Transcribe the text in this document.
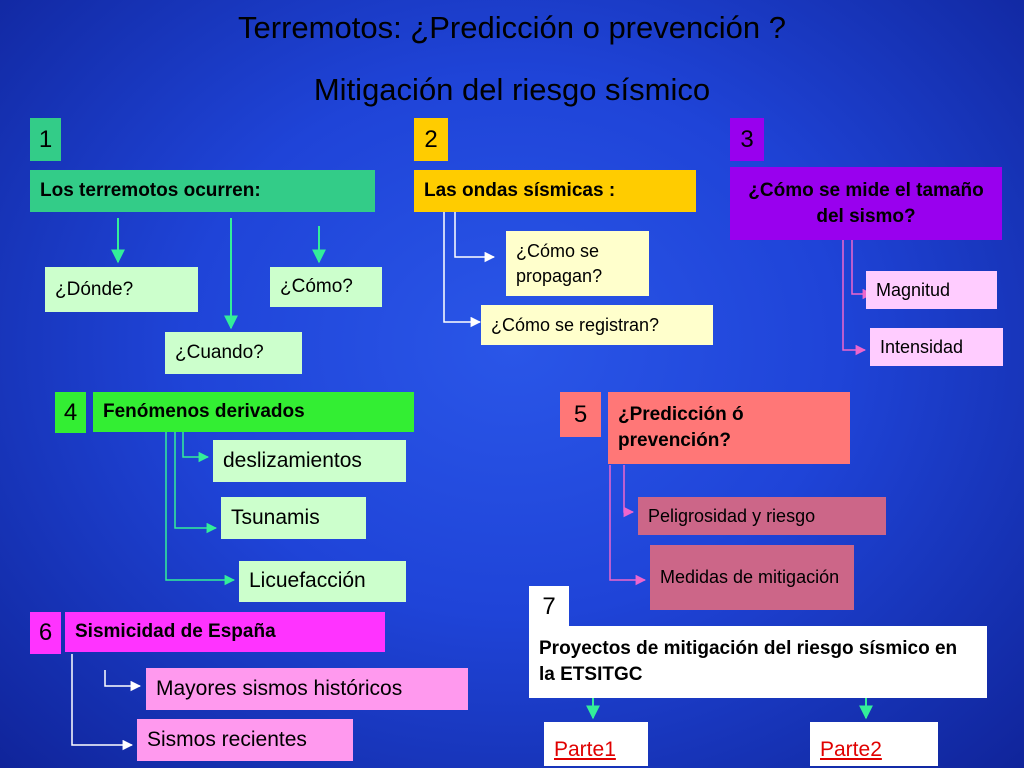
Terremotos: ¿Predicción o prevención ?
Mitigación del riesgo sísmico
1
Los terremotos ocurren:
¿Dónde?
¿Cuando?
¿Cómo?
2
Las ondas sísmicas :
¿Cómo se propagan?
¿Cómo se registran?
3
¿Cómo se mide el tamaño del sismo?
Magnitud
Intensidad
4	Fenómenos derivados
deslizamientos
Tsunamis
Licuefacción
5	¿Predicción ó prevención?
Peligrosidad y riesgo
Medidas de mitigación
6	Sismicidad de España
Mayores sismos históricos
Sismos recientes
7
Proyectos de mitigación del riesgo sísmico en la ETSITGC
Parte1	Parte2
